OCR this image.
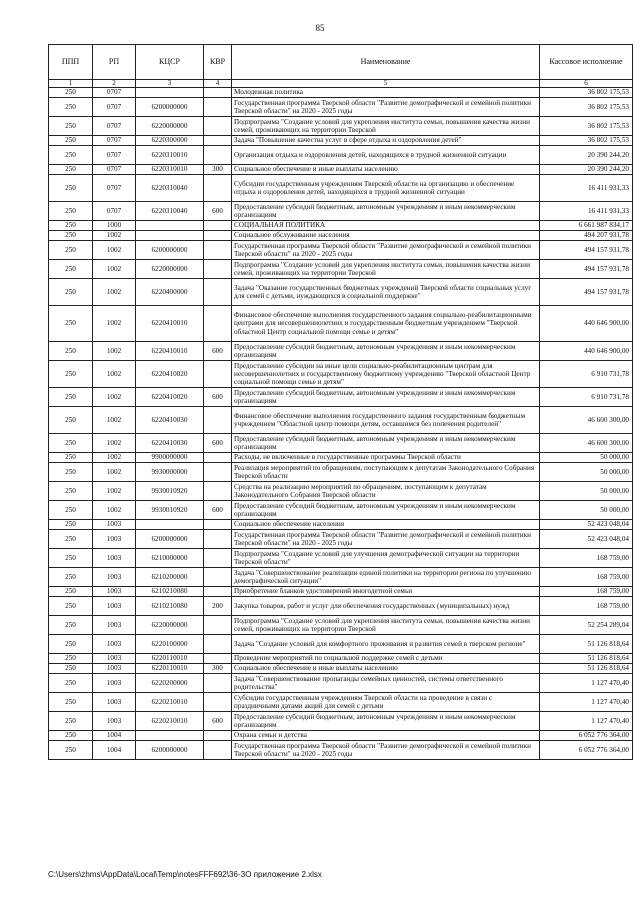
85
ППП	РП	КЦСР	КВР	Наименование	Кассовое исполнение
1	2	3	4	5	6
250	0707			Молодежная политика	36 802 175,53
250	0707	6200000000		Государственная программа Тверской области "Развитие демографической и семейной политики Тверской области" на 2020 - 2025 годы	36 802 175,53
250	0707	6220000000		Подпрограмма "Создание условий для укрепления института семьи, повышения качества жизни семей, проживающих на территории Тверской	36 802 175,53
250	0707	6220300000		Задача "Повышение качества услуг в сфере отдыха и оздоровления детей"	36 802 175,53
250	0707	6220310010		Организация отдыха и оздоровления детей, находящихся в трудной жизненной ситуации	20 390 244,20
250	0707	6220310010	300	Социальное обеспечение и иные выплаты населению	20 390 244,20
250	0707	6220310040		Субсидии государственным учреждениям Тверской области на организацию и обеспечение отдыха и оздоровления детей, находящихся в трудной жизненной ситуации	16 411 931,33
250	0707	6220310040	600	Предоставление субсидий бюджетным, автономным учреждениям и иным некоммерческим организациям	16 411 931,33
250	1000			СОЦИАЛЬНАЯ ПОЛИТИКА	6 661 987 834,17
250	1002			Социальное обслуживание населения	494 207 931,78
250	1002	6200000000		Государственная программа Тверской области "Развитие демографической и семейной политики Тверской области" на 2020 - 2025 годы	494 157 931,78
250	1002	6220000000		Подпрограмма "Создание условий для укрепления института семьи, повышения качества жизни семей, проживающих на территории Тверской	494 157 931,78
250	1002	6220400000		Задача "Оказание государственных бюджетных учреждений Тверской области социальных услуг для семей с детьми, нуждающихся в социальной поддержке"	494 157 931,78
250	1002	6220410010		Финансовое обеспечение выполнения государственного задания социально-реабилитационными центрами для несовершеннолетних и государственным бюджетным учреждением "Тверской областной Центр социальной помощи семье и детям"	440 646 900,00
250	1002	6220410010	600	Предоставление субсидий бюджетным, автономным учреждениям и иным некоммерческим организациям	440 646 900,00
250	1002	6220410020		Предоставление субсидии на иные цели социально-реабилитационным центрам для несовершеннолетних и государственному бюджетному учреждению "Тверской областной Центр социальной помощи семье и детям"	6 910 731,78
250	1002	6220410020	600	Предоставление субсидий бюджетным, автономным учреждениям и иным некоммерческим организациям	6 910 731,78
250	1002	6220410030		Финансовое обеспечение выполнения государственного задания государственным бюджетным учреждением "Областной центр помощи детям, оставшимся без попечения родителей"	46 600 300,00
250	1002	6220410030	600	Предоставление субсидий бюджетным, автономным учреждениям и иным некоммерческим организациям	46 600 300,00
250	1002	9900000000		Расходы, не включенные в государственные программы Тверской области	50 000,00
250	1002	9930000000		Реализация мероприятий по обращениям, поступающим к депутатам Законодательного Собрания Тверской области	50 000,00
250	1002	9930010920		Средства на реализацию мероприятий по обращениям, поступающим к депутатам Законодательного Собрания Тверской области	50 000,00
250	1002	9930010920	600	Предоставление субсидий бюджетным, автономным учреждениям и иным некоммерческим организациям	50 000,00
250	1003			Социальное обеспечение населения	52 423 048,04
250	1003	6200000000		Государственная программа Тверской области "Развитие демографической и семейной политики Тверской области" на 2020 - 2025 годы	52 423 048,04
250	1003	6210000000		Подпрограмма "Создание условий для улучшения демографической ситуации на территории Тверской области"	168 759,00
250	1003	6210200000		Задача "Совершенствование реализации единой политики на территории региона по улучшению демографической ситуации"	168 759,00
250	1003	6210210080		Приобретение бланков удостоверений многодетной семьи	168 759,00
250	1003	6210210080	200	Закупка товаров, работ и услуг для обеспечения государственных (муниципальных) нужд	168 759,00
250	1003	6220000000		Подпрограмма "Создание условий для укрепления института семьи, повышения качества жизни семей, проживающих на территории Тверской	52 254 289,04
250	1003	6220100000		Задача "Создание условий для комфортного проживания и развития семей в тверском регионе"	51 126 818,64
250	1003	6220110010		Проведение мероприятий по социальной поддержке семей с детьми	51 126 818,64
250	1003	6220110010	300	Социальное обеспечение и иные выплаты населению	51 126 818,64
250	1003	6220200000		Задача "Совершенствование пропаганды семейных ценностей, системы ответственного родительства"	1 127 470,40
250	1003	6220210010		Субсидии государственным учреждениям Тверской области на проведение в связи с праздничными датами акций для семей с детьми	1 127 470,40
250	1003	6220210010	600	Предоставление субсидий бюджетным, автономным учреждениям и иным некоммерческим организациям	1 127 470,40
250	1004			Охрана семьи и детства	6 052 776 364,00
250	1004	6200000000		Государственная программа Тверской области "Развитие демографической и семейной политики Тверской области" на 2020 - 2025 годы	6 052 776 364,00
C:\Users\zhms\AppData\Local\Temp\notesFFF692\36-ЗО приложение 2.xlsx
